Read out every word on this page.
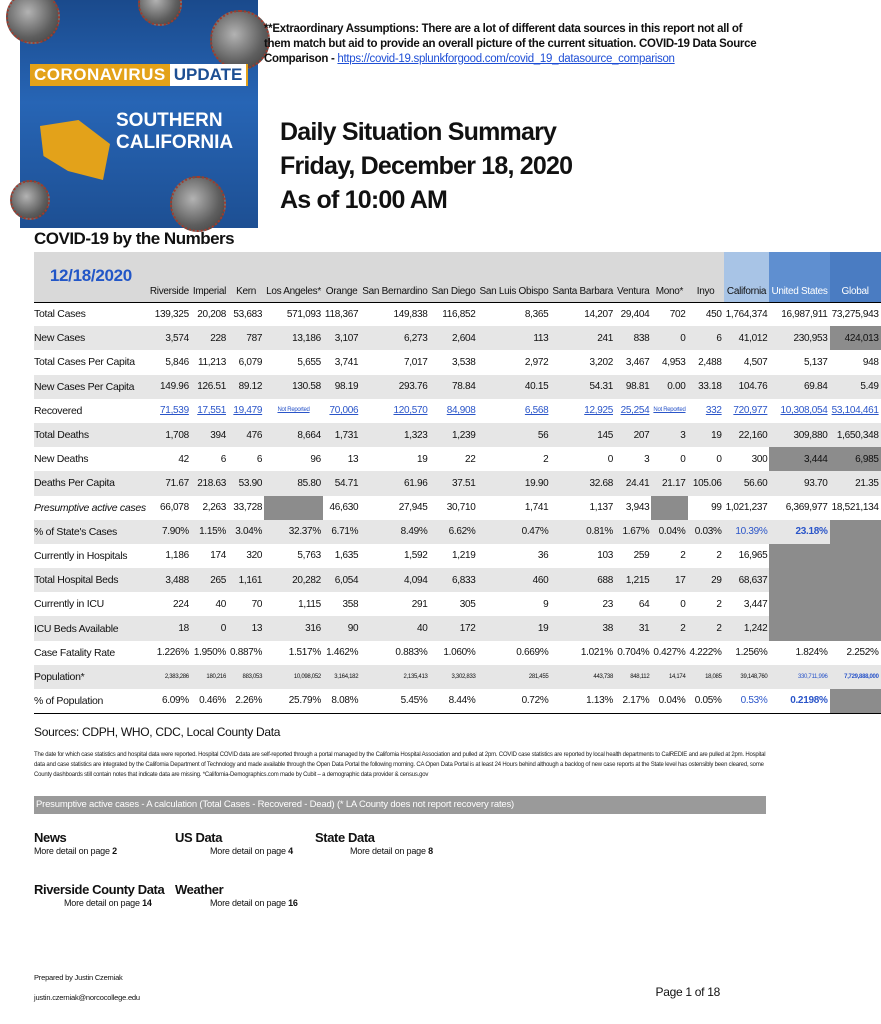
CORONAVIRUS UPDATE
SOUTHERN
CALIFORNIA
**Extraordinary Assumptions: There are a lot of different data sources in this report not all of them match but aid to provide an overall picture of the current situation. COVID-19 Data Source Comparison - https://covid-19.splunkforgood.com/covid_19_datasource_comparison
Daily Situation Summary
Friday, December 18, 2020
As of 10:00 AM
COVID-19 by the Numbers
12/18/2020	Riverside	Imperial	Kern	Los Angeles*	Orange	San Bernardino	San Diego	San Luis Obispo	Santa Barbara	Ventura	Mono*	Inyo	California	United States	Global
Total Cases	139,325	20,208	53,683	571,093	118,367	149,838	116,852	8,365	14,207	29,404	702	450	1,764,374	16,987,911	73,275,943
New Cases	3,574	228	787	13,186	3,107	6,273	2,604	113	241	838	0	6	41,012	230,953	424,013
Total Cases Per Capita	5,846	11,213	6,079	5,655	3,741	7,017	3,538	2,972	3,202	3,467	4,953	2,488	4,507	5,137	948
New Cases Per Capita	149.96	126.51	89.12	130.58	98.19	293.76	78.84	40.15	54.31	98.81	0.00	33.18	104.76	69.84	5.49
Recovered	71,539	17,551	19,479	Not Reported	70,006	120,570	84,908	6,568	12,925	25,254	Not Reported	332	720,977	10,308,054	53,104,461
Total Deaths	1,708	394	476	8,664	1,731	1,323	1,239	56	145	207	3	19	22,160	309,880	1,650,348
New Deaths	42	6	6	96	13	19	22	2	0	3	0	0	300	3,444	6,985
Deaths Per Capita	71.67	218.63	53.90	85.80	54.71	61.96	37.51	19.90	32.68	24.41	21.17	105.06	56.60	93.70	21.35
Presumptive active cases	66,078	2,263	33,728		46,630	27,945	30,710	1,741	1,137	3,943		99	1,021,237	6,369,977	18,521,134
% of State's Cases	7.90%	1.15%	3.04%	32.37%	6.71%	8.49%	6.62%	0.47%	0.81%	1.67%	0.04%	0.03%	10.39%	23.18%	
Currently in Hospitals	1,186	174	320	5,763	1,635	1,592	1,219	36	103	259	2	2	16,965		
Total Hospital Beds	3,488	265	1,161	20,282	6,054	4,094	6,833	460	688	1,215	17	29	68,637		
Currently in ICU	224	40	70	1,115	358	291	305	9	23	64	0	2	3,447		
ICU Beds Available	18	0	13	316	90	40	172	19	38	31	2	2	1,242		
Case Fatality Rate	1.226%	1.950%	0.887%	1.517%	1.462%	0.883%	1.060%	0.669%	1.021%	0.704%	0.427%	4.222%	1.256%	1.824%	2.252%
Population*	2,383,286	180,216	883,053	10,098,052	3,164,182	2,135,413	3,302,833	281,455	443,738	848,112	14,174	18,085	39,148,760	330,711,996	7,729,888,000
% of Population	6.09%	0.46%	2.26%	25.79%	8.08%	5.45%	8.44%	0.72%	1.13%	2.17%	0.04%	0.05%	0.53%	0.2198%	
Sources: CDPH, WHO, CDC, Local County Data
The date for which case statistics and hospital data were reported. Hospital COVID data are self-reported through a portal managed by the California Hospital Association and pulled at 2pm. COVID case statistics are reported by local health departments to CalREDIE and are pulled at 2pm. Hospital data and case statistics are integrated by the California Department of Technology and made available through the Open Data Portal the following morning. CA Open Data Portal is at least 24 Hours behind although a backlog of new case reports at the State level has ostensibly been cleared, some County dashboards still contain notes that indicate data are missing. *California-Demographics.com made by Cubit – a demographic data provider & census.gov
Presumptive active cases - A calculation (Total Cases - Recovered - Dead) (* LA County does not report recovery rates)
News
More detail on page 2
US Data
More detail on page 4
State Data
More detail on page 8
Riverside County Data
More detail on page 14
Weather
More detail on page 16
Prepared by Justin Czemiak
justin.czerniak@norcocollege.edu	Page 1 of 18
